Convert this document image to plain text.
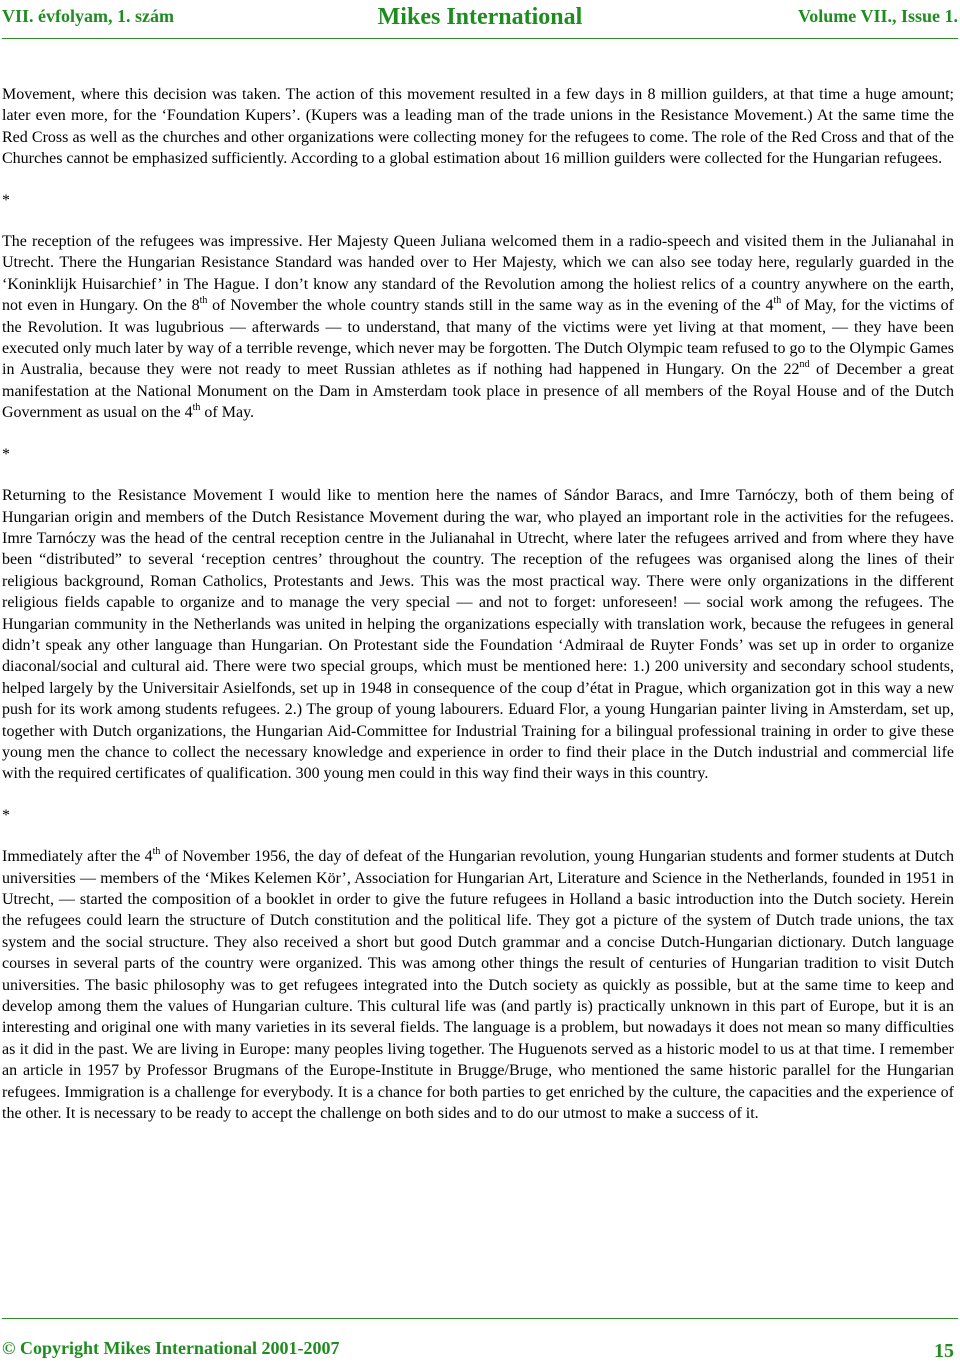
VII. évfolyam, 1. szám	Mikes International	Volume VII., Issue 1.

Movement, where this decision was taken. The action of this movement resulted in a few days in 8 million guilders, at that time a huge amount; later even more, for the ‘Foundation Kupers’. (Kupers was a leading man of the trade unions in the Resistance Movement.) At the same time the Red Cross as well as the churches and other organizations were collecting money for the refugees to come. The role of the Red Cross and that of the Churches cannot be emphasized sufficiently. According to a global estimation about 16 million guilders were collected for the Hungarian refugees.

*

The reception of the refugees was impressive. Her Majesty Queen Juliana welcomed them in a radio-speech and visited them in the Julianahal in Utrecht. There the Hungarian Resistance Standard was handed over to Her Majesty, which we can also see today here, regularly guarded in the ‘Koninklijk Huisarchief’ in The Hague. I don’t know any standard of the Revolution among the holiest relics of a country anywhere on the earth, not even in Hungary. On the 8th of November the whole country stands still in the same way as in the evening of the 4th of May, for the victims of the Revolution. It was lugubrious — afterwards — to understand, that many of the victims were yet living at that moment, — they have been executed only much later by way of a terrible revenge, which never may be forgotten. The Dutch Olympic team refused to go to the Olympic Games in Australia, because they were not ready to meet Russian athletes as if nothing had happened in Hungary. On the 22nd of December a great manifestation at the National Monument on the Dam in Amsterdam took place in presence of all members of the Royal House and of the Dutch Government as usual on the 4th of May.

*

Returning to the Resistance Movement I would like to mention here the names of Sándor Baracs, and Imre Tarnóczy, both of them being of Hungarian origin and members of the Dutch Resistance Movement during the war, who played an important role in the activities for the refugees. Imre Tarnóczy was the head of the central reception centre in the Julianahal in Utrecht, where later the refugees arrived and from where they have been “distributed” to several ‘reception centres’ throughout the country. The reception of the refugees was organised along the lines of their religious background, Roman Catholics, Protestants and Jews. This was the most practical way. There were only organizations in the different religious fields capable to organize and to manage the very special — and not to forget: unforeseen! — social work among the refugees. The Hungarian community in the Netherlands was united in helping the organizations especially with translation work, because the refugees in general didn’t speak any other language than Hungarian. On Protestant side the Foundation ‘Admiraal de Ruyter Fonds’ was set up in order to organize diaconal/social and cultural aid. There were two special groups, which must be mentioned here: 1.) 200 university and secondary school students, helped largely by the Universitair Asielfonds, set up in 1948 in consequence of the coup d’état in Prague, which organization got in this way a new push for its work among students refugees. 2.) The group of young labourers. Eduard Flor, a young Hungarian painter living in Amsterdam, set up, together with Dutch organizations, the Hungarian Aid-Committee for Industrial Training for a bilingual professional training in order to give these young men the chance to collect the necessary knowledge and experience in order to find their place in the Dutch industrial and commercial life with the required certificates of qualification. 300 young men could in this way find their ways in this country.

*

Immediately after the 4th of November 1956, the day of defeat of the Hungarian revolution, young Hungarian students and former students at Dutch universities — members of the ‘Mikes Kelemen Kör’, Association for Hungarian Art, Literature and Science in the Netherlands, founded in 1951 in Utrecht, — started the composition of a booklet in order to give the future refugees in Holland a basic introduction into the Dutch society. Herein the refugees could learn the structure of Dutch constitution and the political life. They got a picture of the system of Dutch trade unions, the tax system and the social structure. They also received a short but good Dutch grammar and a concise Dutch-Hungarian dictionary. Dutch language courses in several parts of the country were organized. This was among other things the result of centuries of Hungarian tradition to visit Dutch universities. The basic philosophy was to get refugees integrated into the Dutch society as quickly as possible, but at the same time to keep and develop among them the values of Hungarian culture. This cultural life was (and partly is) practically unknown in this part of Europe, but it is an interesting and original one with many varieties in its several fields. The language is a problem, but nowadays it does not mean so many difficulties as it did in the past. We are living in Europe: many peoples living together. The Huguenots served as a historic model to us at that time. I remember an article in 1957 by Professor Brugmans of the Europe-Institute in Brugge/Bruge, who mentioned the same historic parallel for the Hungarian refugees. Immigration is a challenge for everybody. It is a chance for both parties to get enriched by the culture, the capacities and the experience of the other. It is necessary to be ready to accept the challenge on both sides and to do our utmost to make a success of it.

© Copyright Mikes International 2001-2007	15
